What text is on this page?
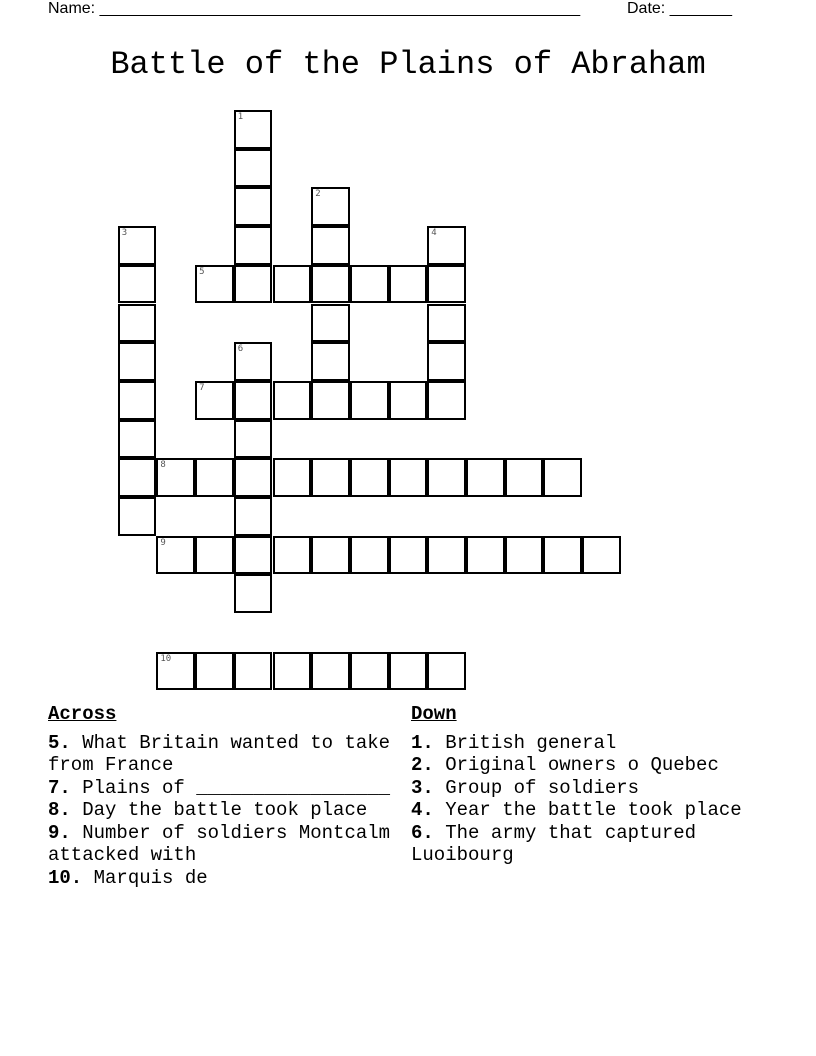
Name: ______________________________________________________	Date: _______
Battle of the Plains of Abraham
1
2
3	4
5
6
7
8
9
10
Across
5. What Britain wanted to take from France
7. Plains of _________________
8. Day the battle took place
9. Number of soldiers Montcalm attacked with
10. Marquis de
Down
1. British general
2. Original owners o Quebec
3. Group of soldiers
4. Year the battle took place
6. The army that captured Luoibourg
